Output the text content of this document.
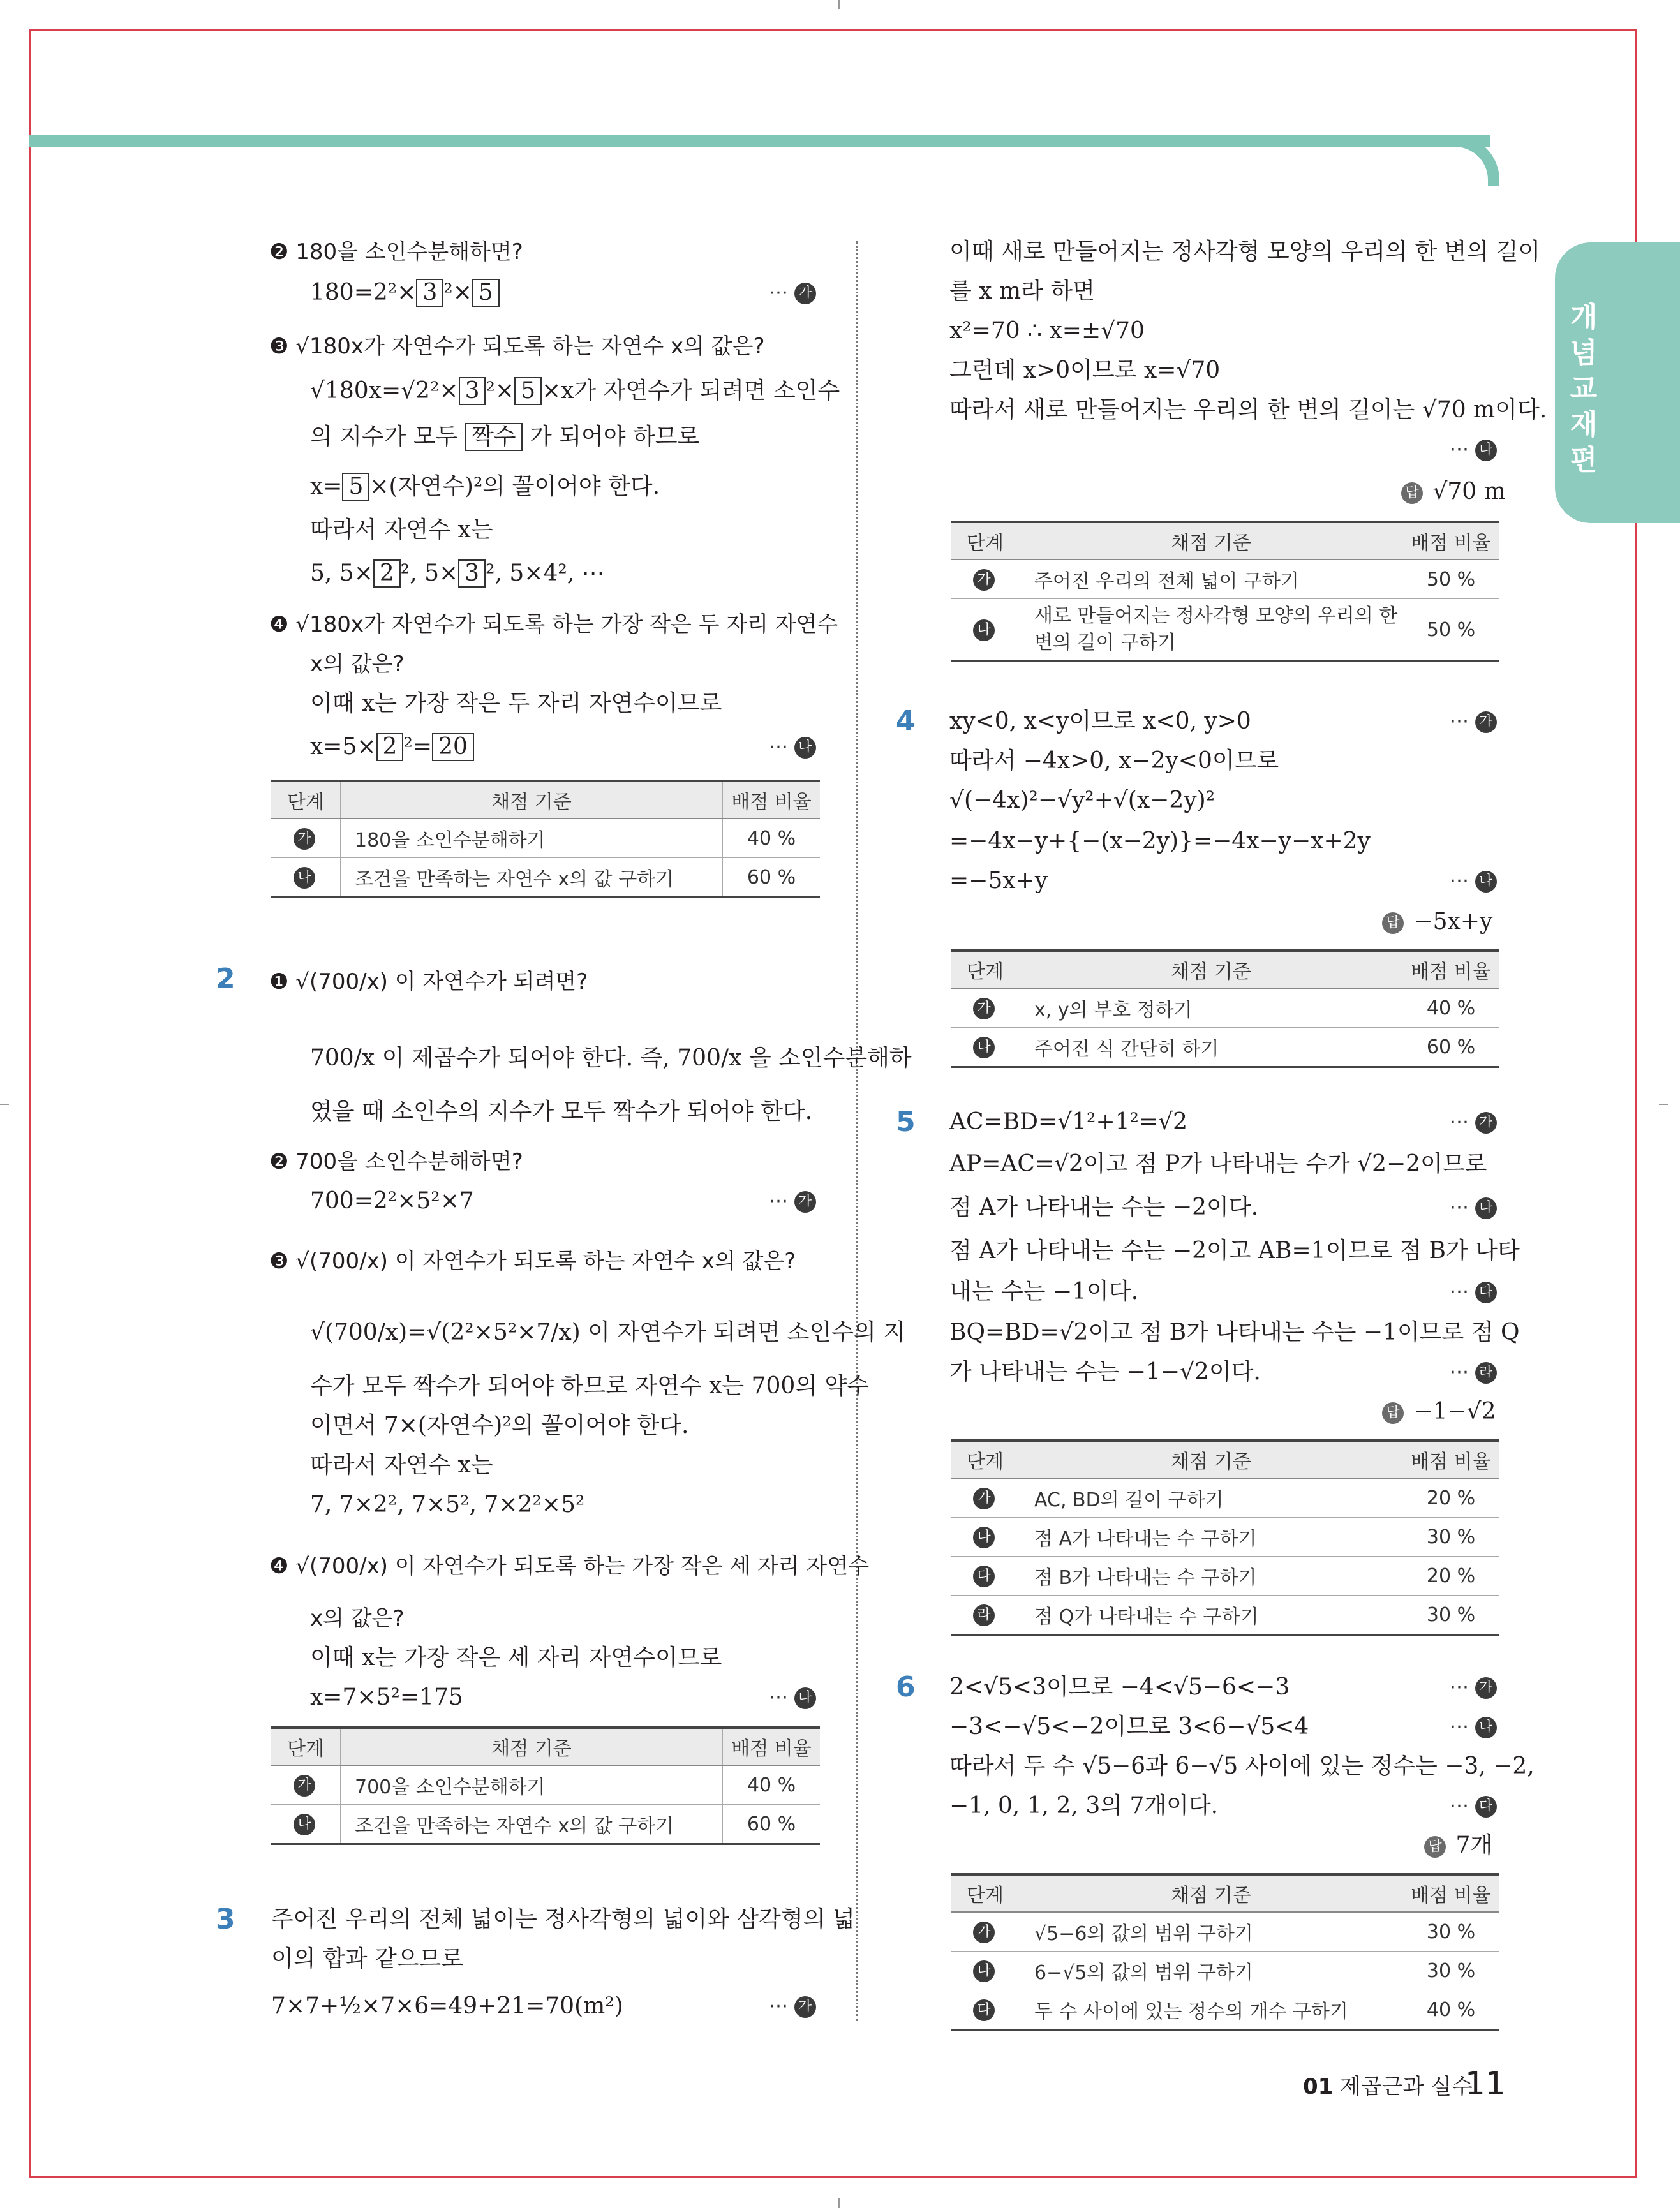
개념교재편
❷ 180을 소인수분해하면?
180=2²× 3 ²× 5	⋯ 가
❸ √180x가 자연수가 되도록 하는 자연수 x의 값은?
√180x=√2²× 3 ²× 5 ×x가 자연수가 되려면 소인수
의 지수가 모두 짝수 가 되어야 하므로
x= 5 ×(자연수)²의 꼴이어야 한다.
따라서 자연수 x는
5, 5× 2 ², 5× 3 ², 5×4², ⋯
❹ √180x가 자연수가 되도록 하는 가장 작은 두 자리 자연수
x의 값은?
이때 x는 가장 작은 두 자리 자연수이므로
x=5× 2 ²= 20	⋯ 나
단계	채점 기준	배점 비율
가	180을 소인수분해하기	40 %
나	조건을 만족하는 자연수 x의 값 구하기	60 %
2 ❶ √(700/x) 이 자연수가 되려면?
700/x 이 제곱수가 되어야 한다. 즉, 700/x 을 소인수분해하
였을 때 소인수의 지수가 모두 짝수가 되어야 한다.
❷ 700을 소인수분해하면?
700=2²×5²×7	⋯ 가
❸ √(700/x) 이 자연수가 되도록 하는 자연수 x의 값은?
√(700/x)=√(2²×5²×7/x) 이 자연수가 되려면 소인수의 지
수가 모두 짝수가 되어야 하므로 자연수 x는 700의 약수
이면서 7×(자연수)²의 꼴이어야 한다.
따라서 자연수 x는
7, 7×2², 7×5², 7×2²×5²
❹ √(700/x) 이 자연수가 되도록 하는 가장 작은 세 자리 자연수
x의 값은?
이때 x는 가장 작은 세 자리 자연수이므로
x=7×5²=175	⋯ 나
단계	채점 기준	배점 비율
가	700을 소인수분해하기	40 %
나	조건을 만족하는 자연수 x의 값 구하기	60 %
3 주어진 우리의 전체 넓이는 정사각형의 넓이와 삼각형의 넓
이의 합과 같으므로
7×7+½×7×6=49+21=70(m²)	⋯ 가
이때 새로 만들어지는 정사각형 모양의 우리의 한 변의 길이
를 x m라 하면
x²=70 ∴ x=±√70
그런데 x>0이므로 x=√70
따라서 새로 만들어지는 우리의 한 변의 길이는 √70 m이다.
⋯ 나
답 √70 m
단계	채점 기준	배점 비율
가	주어진 우리의 전체 넓이 구하기	50 %
나	새로 만들어지는 정사각형 모양의 우리의 한 변의 길이 구하기	50 %
4 xy<0, x<y이므로 x<0, y>0	⋯ 가
따라서 −4x>0, x−2y<0이므로
√(−4x)²−√y²+√(x−2y)²
=−4x−y+{−(x−2y)}=−4x−y−x+2y
=−5x+y	⋯ 나
답 −5x+y
단계	채점 기준	배점 비율
가	x, y의 부호 정하기	40 %
나	주어진 식 간단히 하기	60 %
5 AC=BD=√1²+1²=√2	⋯ 가
AP=AC=√2이고 점 P가 나타내는 수가 √2−2이므로
점 A가 나타내는 수는 −2이다.	⋯ 나
점 A가 나타내는 수는 −2이고 AB=1이므로 점 B가 나타
내는 수는 −1이다.	⋯ 다
BQ=BD=√2이고 점 B가 나타내는 수는 −1이므로 점 Q
가 나타내는 수는 −1−√2이다.	⋯ 라
답 −1−√2
단계	채점 기준	배점 비율
가	AC, BD의 길이 구하기	20 %
나	점 A가 나타내는 수 구하기	30 %
다	점 B가 나타내는 수 구하기	20 %
라	점 Q가 나타내는 수 구하기	30 %
6 2<√5<3이므로 −4<√5−6<−3	⋯ 가
−3<−√5<−2이므로 3<6−√5<4	⋯ 나
따라서 두 수 √5−6과 6−√5 사이에 있는 정수는 −3, −2,
−1, 0, 1, 2, 3의 7개이다.	⋯ 다
답 7개
단계	채점 기준	배점 비율
가	√5−6의 값의 범위 구하기	30 %
나	6−√5의 값의 범위 구하기	30 %
다	두 수 사이에 있는 정수의 개수 구하기	40 %
01 제곱근과 실수
11
